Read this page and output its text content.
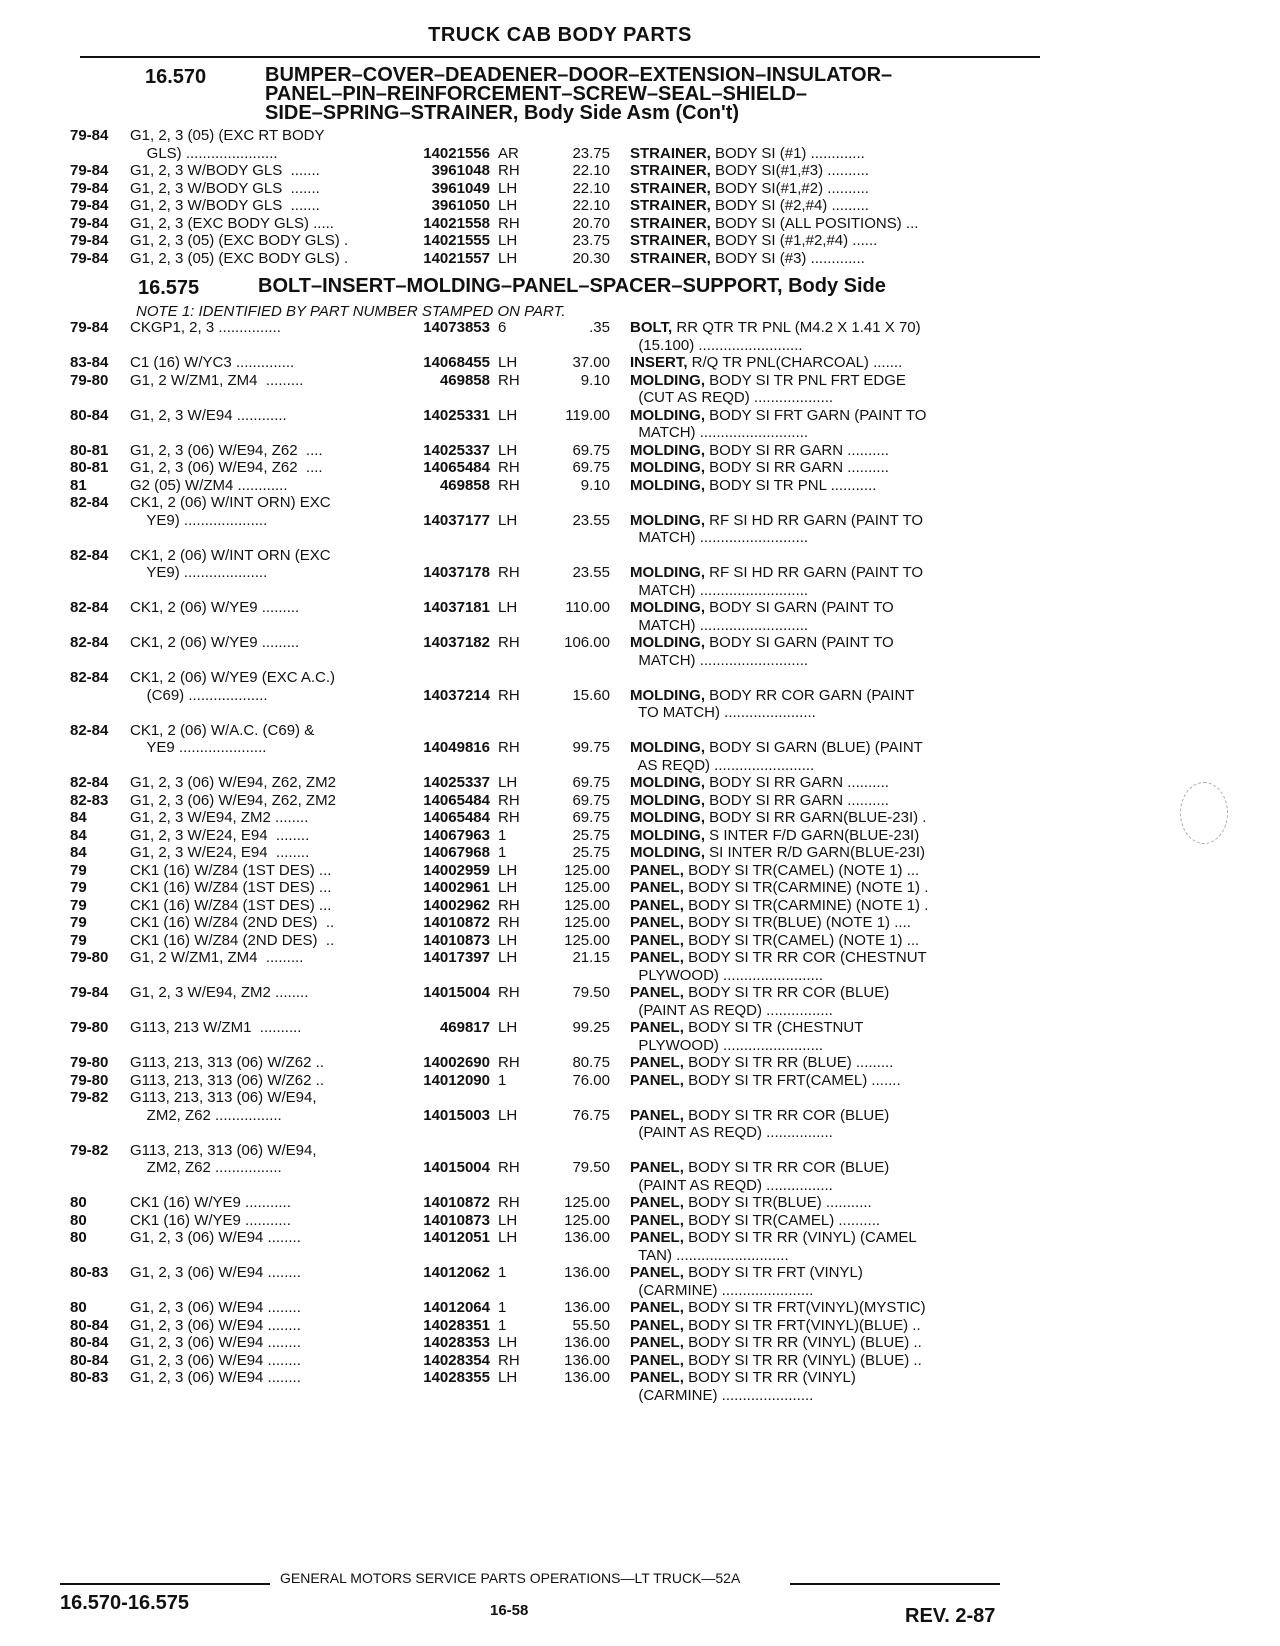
TRUCK CAB BODY PARTS
16.570	BUMPER–COVER–DEADENER–DOOR–EXTENSION–INSULATOR–
PANEL–PIN–REINFORCEMENT–SCREW–SEAL–SHIELD–
SIDE–SPRING–STRAINER, Body Side Asm (Con't)
79-84	G1, 2, 3 (05) (EXC RT BODY
GLS) ......................	14021556 AR	23.75	STRAINER, BODY SI (#1) .............
79-84	G1, 2, 3 W/BODY GLS  .......	3961048 RH	22.10	STRAINER, BODY SI(#1,#3) ..........
79-84	G1, 2, 3 W/BODY GLS  .......	3961049 LH	22.10	STRAINER, BODY SI(#1,#2) ..........
79-84	G1, 2, 3 W/BODY GLS  .......	3961050 LH	22.10	STRAINER, BODY SI (#2,#4) .........
79-84	G1, 2, 3 (EXC BODY GLS) .....	14021558 RH	20.70	STRAINER, BODY SI (ALL POSITIONS) ...
79-84	G1, 2, 3 (05) (EXC BODY GLS) .	14021555 LH	23.75	STRAINER, BODY SI (#1,#2,#4) ......
79-84	G1, 2, 3 (05) (EXC BODY GLS) .	14021557 LH	20.30	STRAINER, BODY SI (#3) .............
16.575	BOLT–INSERT–MOLDING–PANEL–SPACER–SUPPORT, Body Side
NOTE 1: IDENTIFIED BY PART NUMBER STAMPED ON PART.
79-84	CKGP1, 2, 3 ...............	14073853 6	.35	BOLT, RR QTR TR PNL (M4.2 X 1.41 X 70)
(15.100) .........................
83-84	C1 (16) W/YC3 ..............	14068455 LH	37.00	INSERT, R/Q TR PNL(CHARCOAL) .......
79-80	G1, 2 W/ZM1, ZM4  .........	469858 RH	9.10	MOLDING, BODY SI TR PNL FRT EDGE
(CUT AS REQD) ...................
80-84	G1, 2, 3 W/E94 ............	14025331 LH	119.00	MOLDING, BODY SI FRT GARN (PAINT TO
MATCH) ..........................
80-81	G1, 2, 3 (06) W/E94, Z62  ....	14025337 LH	69.75	MOLDING, BODY SI RR GARN ..........
80-81	G1, 2, 3 (06) W/E94, Z62  ....	14065484 RH	69.75	MOLDING, BODY SI RR GARN ..........
81	G2 (05) W/ZM4 ............	469858 RH	9.10	MOLDING, BODY SI TR PNL ...........
82-84	CK1, 2 (06) W/INT ORN) EXC
YE9) ....................	14037177 LH	23.55	MOLDING, RF SI HD RR GARN (PAINT TO
MATCH) ..........................
82-84	CK1, 2 (06) W/INT ORN (EXC
YE9) ....................	14037178 RH	23.55	MOLDING, RF SI HD RR GARN (PAINT TO
MATCH) ..........................
82-84	CK1, 2 (06) W/YE9 .........	14037181 LH	110.00	MOLDING, BODY SI GARN (PAINT TO
MATCH) ..........................
82-84	CK1, 2 (06) W/YE9 .........	14037182 RH	106.00	MOLDING, BODY SI GARN (PAINT TO
MATCH) ..........................
82-84	CK1, 2 (06) W/YE9 (EXC A.C.)
(C69) ...................	14037214 RH	15.60	MOLDING, BODY RR COR GARN (PAINT
TO MATCH) ......................
82-84	CK1, 2 (06) W/A.C. (C69) &
YE9 .....................	14049816 RH	99.75	MOLDING, BODY SI GARN (BLUE) (PAINT
AS REQD) ........................
82-84	G1, 2, 3 (06) W/E94, Z62, ZM2	14025337 LH	69.75	MOLDING, BODY SI RR GARN ..........
82-83	G1, 2, 3 (06) W/E94, Z62, ZM2	14065484 RH	69.75	MOLDING, BODY SI RR GARN ..........
84	G1, 2, 3 W/E94, ZM2 ........	14065484 RH	69.75	MOLDING, BODY SI RR GARN(BLUE-23I) .
84	G1, 2, 3 W/E24, E94  ........	14067963 1	25.75	MOLDING, S INTER F/D GARN(BLUE-23I)
84	G1, 2, 3 W/E24, E94  ........	14067968 1	25.75	MOLDING, SI INTER R/D GARN(BLUE-23I)
79	CK1 (16) W/Z84 (1ST DES) ...	14002959 LH	125.00	PANEL, BODY SI TR(CAMEL) (NOTE 1) ...
79	CK1 (16) W/Z84 (1ST DES) ...	14002961 LH	125.00	PANEL, BODY SI TR(CARMINE) (NOTE 1) .
79	CK1 (16) W/Z84 (1ST DES) ...	14002962 RH	125.00	PANEL, BODY SI TR(CARMINE) (NOTE 1) .
79	CK1 (16) W/Z84 (2ND DES)  ..	14010872 RH	125.00	PANEL, BODY SI TR(BLUE) (NOTE 1) ....
79	CK1 (16) W/Z84 (2ND DES)  ..	14010873 LH	125.00	PANEL, BODY SI TR(CAMEL) (NOTE 1) ...
79-80	G1, 2 W/ZM1, ZM4  .........	14017397 LH	21.15	PANEL, BODY SI TR RR COR (CHESTNUT
PLYWOOD) ........................
79-84	G1, 2, 3 W/E94, ZM2 ........	14015004 RH	79.50	PANEL, BODY SI TR RR COR (BLUE)
(PAINT AS REQD) ................
79-80	G113, 213 W/ZM1  ..........	469817 LH	99.25	PANEL, BODY SI TR (CHESTNUT
PLYWOOD) ........................
79-80	G113, 213, 313 (06) W/Z62 ..	14002690 RH	80.75	PANEL, BODY SI TR RR (BLUE) .........
79-80	G113, 213, 313 (06) W/Z62 ..	14012090 1	76.00	PANEL, BODY SI TR FRT(CAMEL) .......
79-82	G113, 213, 313 (06) W/E94,
ZM2, Z62 ................	14015003 LH	76.75	PANEL, BODY SI TR RR COR (BLUE)
(PAINT AS REQD) ................
79-82	G113, 213, 313 (06) W/E94,
ZM2, Z62 ................	14015004 RH	79.50	PANEL, BODY SI TR RR COR (BLUE)
(PAINT AS REQD) ................
80	CK1 (16) W/YE9 ...........	14010872 RH	125.00	PANEL, BODY SI TR(BLUE) ...........
80	CK1 (16) W/YE9 ...........	14010873 LH	125.00	PANEL, BODY SI TR(CAMEL) ..........
80	G1, 2, 3 (06) W/E94 ........	14012051 LH	136.00	PANEL, BODY SI TR RR (VINYL) (CAMEL
TAN) ...........................
80-83	G1, 2, 3 (06) W/E94 ........	14012062 1	136.00	PANEL, BODY SI TR FRT (VINYL)
(CARMINE) ......................
80	G1, 2, 3 (06) W/E94 ........	14012064 1	136.00	PANEL, BODY SI TR FRT(VINYL)(MYSTIC)
80-84	G1, 2, 3 (06) W/E94 ........	14028351 1	55.50	PANEL, BODY SI TR FRT(VINYL)(BLUE) ..
80-84	G1, 2, 3 (06) W/E94 ........	14028353 LH	136.00	PANEL, BODY SI TR RR (VINYL) (BLUE) ..
80-84	G1, 2, 3 (06) W/E94 ........	14028354 RH	136.00	PANEL, BODY SI TR RR (VINYL) (BLUE) ..
80-83	G1, 2, 3 (06) W/E94 ........	14028355 LH	136.00	PANEL, BODY SI TR RR (VINYL)
(CARMINE) ......................
GENERAL MOTORS SERVICE PARTS OPERATIONS—LT TRUCK—52A
16.570-16.575	16-58	REV. 2-87
